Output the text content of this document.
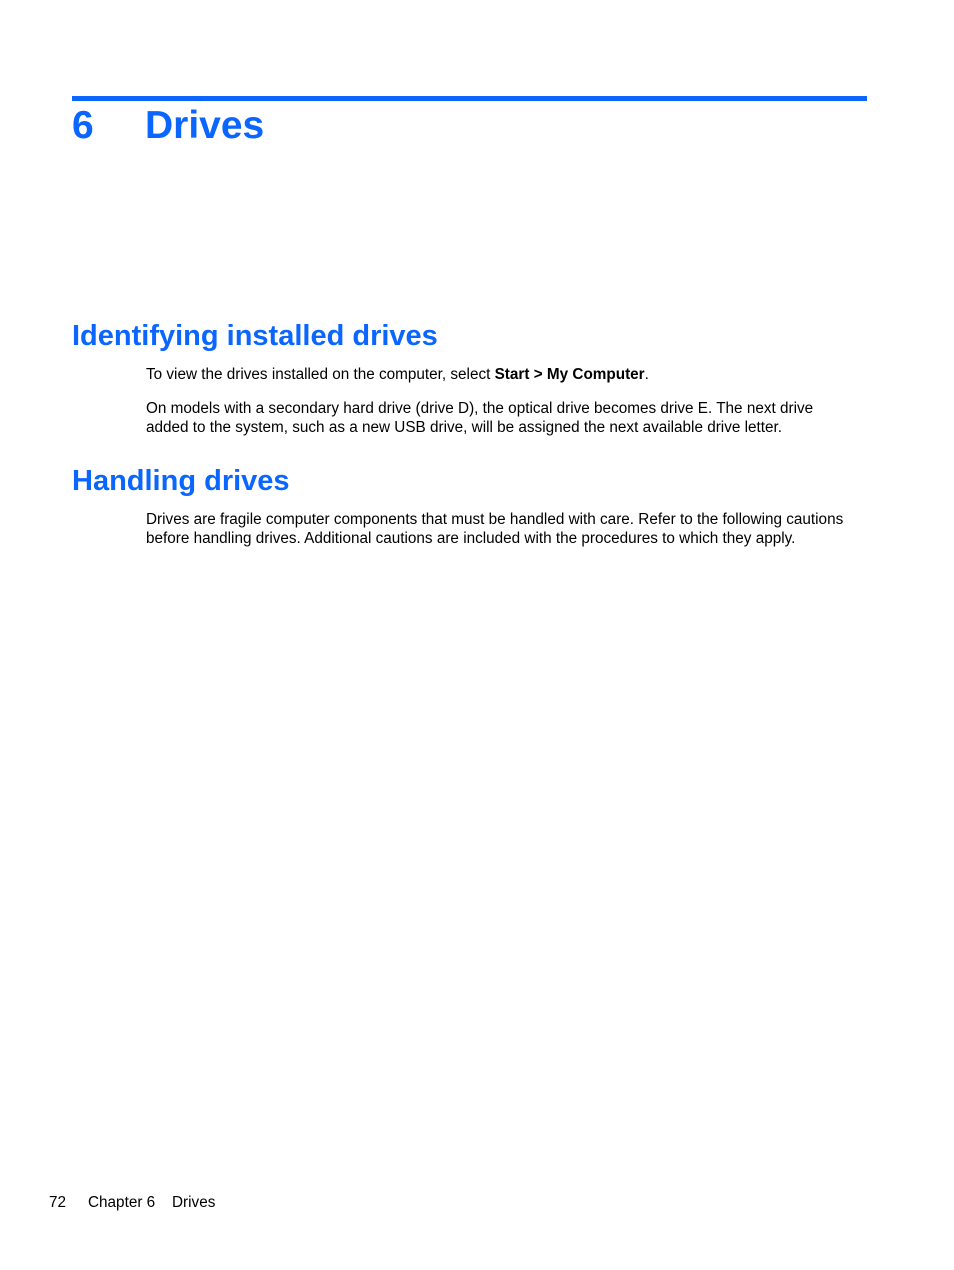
6 Drives
Identifying installed drives

To view the drives installed on the computer, select Start > My Computer.

On models with a secondary hard drive (drive D), the optical drive becomes drive E. The next drive
added to the system, such as a new USB drive, will be assigned the next available drive letter.

Handling drives

Drives are fragile computer components that must be handled with care. Refer to the following cautions
before handling drives. Additional cautions are included with the procedures to which they apply.

72 Chapter 6 Drives
